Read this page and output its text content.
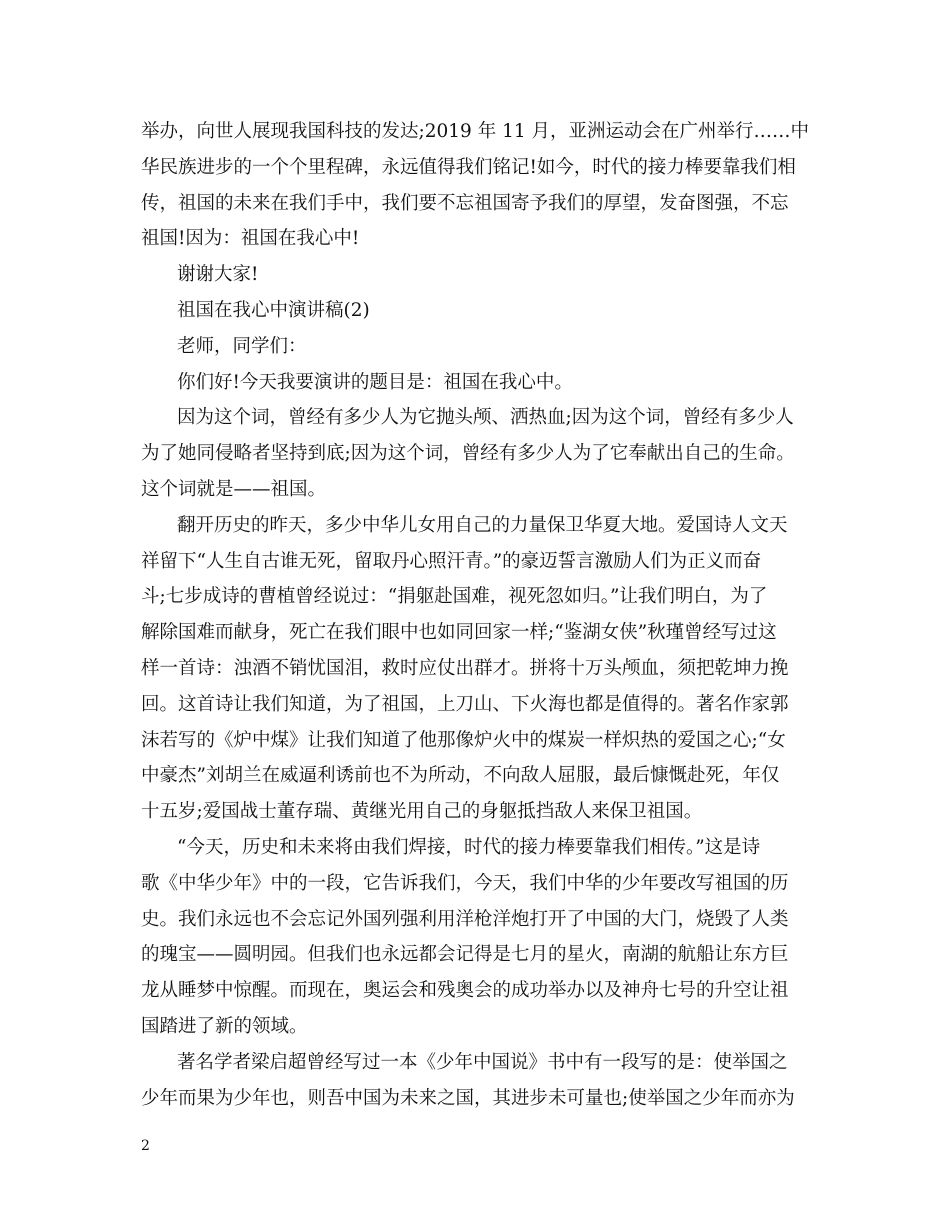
举办，向世人展现我国科技的发达;2019 年 11 月，亚洲运动会在广州举行……中
华民族进步的一个个里程碑，永远值得我们铭记!如今，时代的接力棒要靠我们相
传，祖国的未来在我们手中，我们要不忘祖国寄予我们的厚望，发奋图强，不忘
祖国!因为：祖国在我心中!
谢谢大家!
祖国在我心中演讲稿(2)
老师，同学们：
你们好!今天我要演讲的题目是：祖国在我心中。
因为这个词，曾经有多少人为它抛头颅、洒热血;因为这个词，曾经有多少人
为了她同侵略者坚持到底;因为这个词，曾经有多少人为了它奉献出自己的生命。
这个词就是——祖国。
翻开历史的昨天，多少中华儿女用自己的力量保卫华夏大地。爱国诗人文天
祥留下“人生自古谁无死，留取丹心照汗青。”的豪迈誓言激励人们为正义而奋
斗;七步成诗的曹植曾经说过：“捐躯赴国难，视死忽如归。”让我们明白，为了
解除国难而献身，死亡在我们眼中也如同回家一样;“鉴湖女侠”秋瑾曾经写过这
样一首诗：浊酒不销忧国泪，救时应仗出群才。拼将十万头颅血，须把乾坤力挽
回。这首诗让我们知道，为了祖国，上刀山、下火海也都是值得的。著名作家郭
沫若写的《炉中煤》让我们知道了他那像炉火中的煤炭一样炽热的爱国之心;“女
中豪杰”刘胡兰在威逼利诱前也不为所动，不向敌人屈服，最后慷慨赴死，年仅
十五岁;爱国战士董存瑞、黄继光用自己的身躯抵挡敌人来保卫祖国。
“今天，历史和未来将由我们焊接，时代的接力棒要靠我们相传。”这是诗
歌《中华少年》中的一段，它告诉我们，今天，我们中华的少年要改写祖国的历
史。我们永远也不会忘记外国列强利用洋枪洋炮打开了中国的大门，烧毁了人类
的瑰宝——圆明园。但我们也永远都会记得是七月的星火，南湖的航船让东方巨
龙从睡梦中惊醒。而现在，奥运会和残奥会的成功举办以及神舟七号的升空让祖
国踏进了新的领域。
著名学者梁启超曾经写过一本《少年中国说》书中有一段写的是：使举国之
少年而果为少年也，则吾中国为未来之国，其进步未可量也;使举国之少年而亦为
2
